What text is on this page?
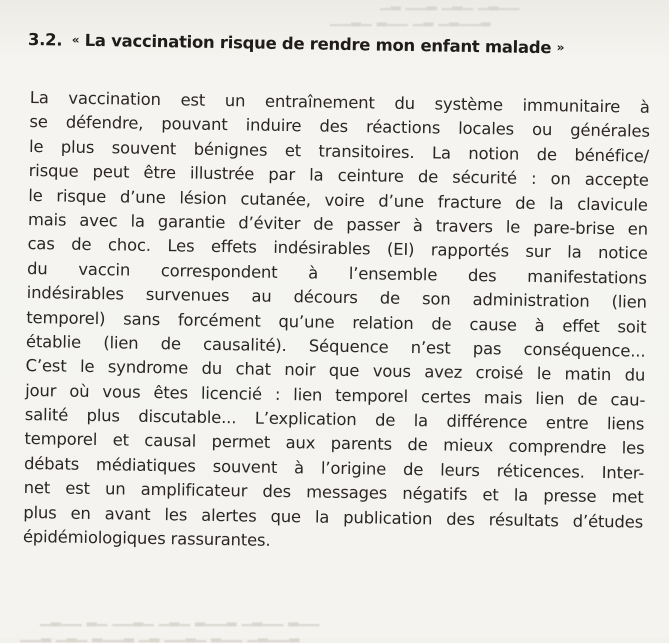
▁▂ ▁▁▂ ▁▂▁ ▁▂▁▁
▁▁▂▁ ▂▁▁ ▁▂ ▁▂▁▁▂
▁▂▁▁ ▂▁ ▁▁▂▁ ▁▂▁ ▂▁▁▂ ▁▂▁▁ ▂▁▁
▁▁▂ ▁▂▁ ▂▁▁▂ ▁▂ ▁▁▂▁ ▂▁▁ ▁▂▁▁▂
3.2. « La vaccination risque de rendre mon enfant malade »
La vaccination est un entraînement du système immunitaire à
se défendre, pouvant induire des réactions locales ou générales
le plus souvent bénignes et transitoires. La notion de bénéfice/
risque peut être illustrée par la ceinture de sécurité : on accepte
le risque d’une lésion cutanée, voire d’une fracture de la clavicule
mais avec la garantie d’éviter de passer à travers le pare-brise en
cas de choc. Les effets indésirables (EI) rapportés sur la notice
du vaccin correspondent à l’ensemble des manifestations
indésirables survenues au décours de son administration (lien
temporel) sans forcément qu’une relation de cause à effet soit
établie (lien de causalité). Séquence n’est pas conséquence...
C’est le syndrome du chat noir que vous avez croisé le matin du
jour où vous êtes licencié : lien temporel certes mais lien de cau-
salité plus discutable... L’explication de la différence entre liens
temporel et causal permet aux parents de mieux comprendre les
débats médiatiques souvent à l’origine de leurs réticences. Inter-
net est un amplificateur des messages négatifs et la presse met
plus en avant les alertes que la publication des résultats d’études
épidémiologiques rassurantes.
